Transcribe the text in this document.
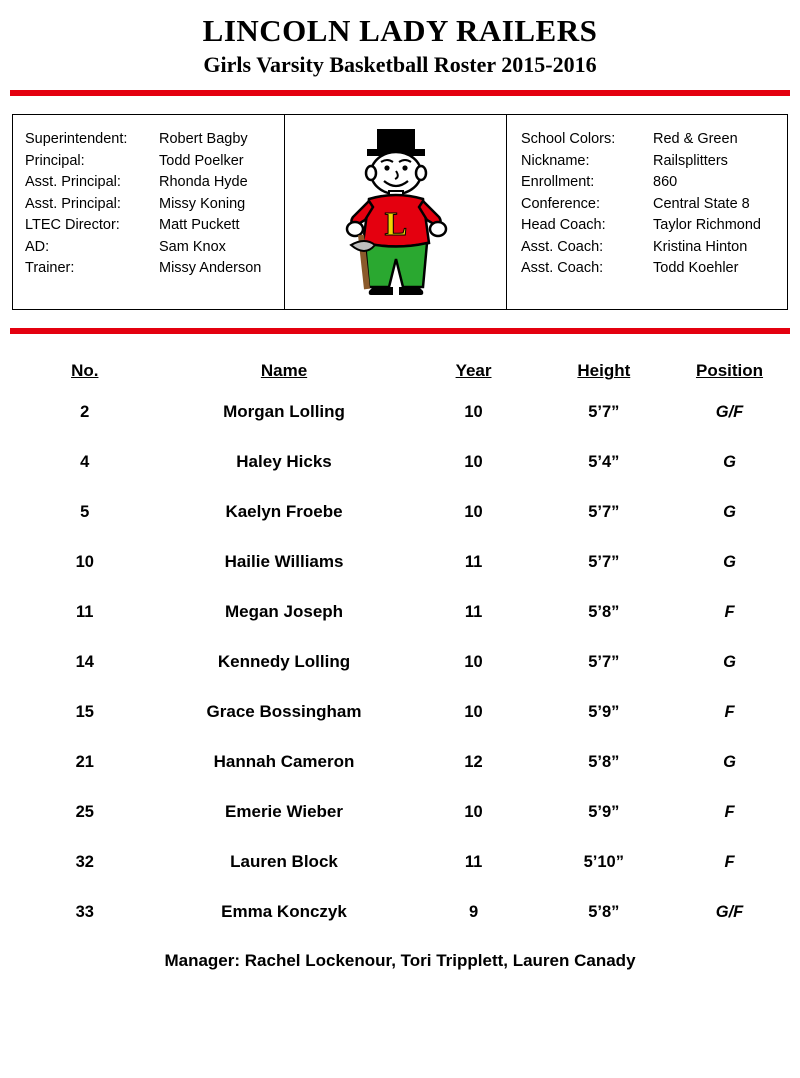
LINCOLN LADY RAILERS
Girls Varsity Basketball Roster 2015-2016
Superintendent:	Robert Bagby
Principal:	Todd Poelker
Asst. Principal:	Rhonda Hyde
Asst. Principal:	Missy Koning
LTEC Director:	Matt Puckett
AD:	Sam Knox
Trainer:	Missy Anderson
L
School Colors:	Red & Green
Nickname:	Railsplitters
Enrollment:	860
Conference:	Central State 8
Head Coach:	Taylor Richmond
Asst. Coach:	Kristina Hinton
Asst. Coach:	Todd Koehler
No.	Name	Year	Height	Position
2	Morgan Lolling	10	5’7”	G/F
4	Haley Hicks	10	5’4”	G
5	Kaelyn Froebe	10	5’7”	G
10	Hailie Williams	11	5’7”	G
11	Megan Joseph	11	5’8”	F
14	Kennedy Lolling	10	5’7”	G
15	Grace Bossingham	10	5’9”	F
21	Hannah Cameron	12	5’8”	G
25	Emerie Wieber	10	5’9”	F
32	Lauren Block	11	5’10”	F
33	Emma Konczyk	9	5’8”	G/F
Manager: Rachel Lockenour, Tori Tripplett, Lauren Canady
